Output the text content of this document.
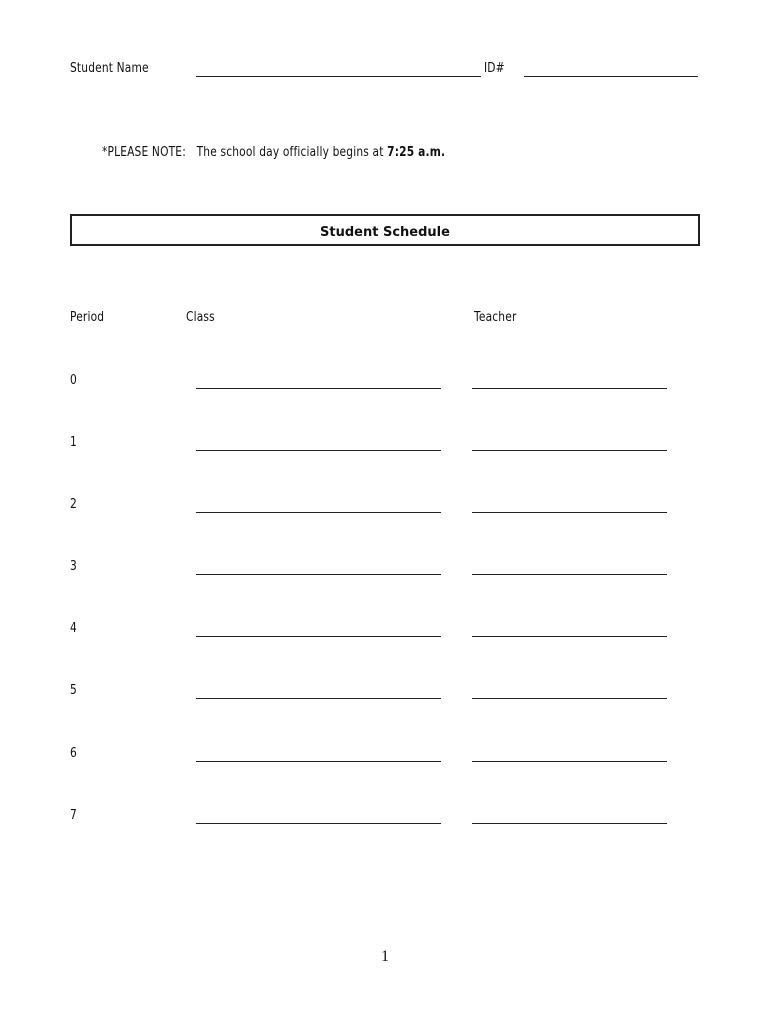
Student Name	ID#
*PLEASE NOTE: The school day officially begins at 7:25 a.m.
Student Schedule
Period	Class	Teacher
0
1
2
3
4
5
6
7
1
